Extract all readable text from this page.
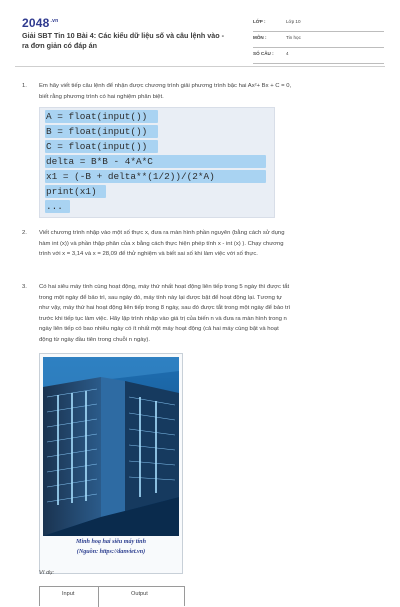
$2048^{.vn}$
Giải SBT Tin 10 Bài 4: Các kiểu dữ liệu số và câu lệnh vào -
ra đơn giản có đáp án
LỚP :	Lớp 10
MÔN :	Tin học
SỐ CÂU :	4
1. Em hãy viết tiếp câu lệnh để nhận được chương trình giải phương trình bậc hai Ax²+ Bx + C = 0,
biết rằng phương trình có hai nghiệm phân biệt.
A = float(input())
B = float(input())
C = float(input())
delta = B*B - 4*A*C
x1 = (-B + delta**(1/2))/(2*A)
print(x1)
...
2. Viết chương trình nhập vào một số thực x, đưa ra màn hình phần nguyên (bằng cách sử dụng
hàm int (x)) và phần thập phân của x bằng cách thực hiện phép tính x - int (x) ). Chạy chương
trình với x = 3,14 và x = 28,09 để thử nghiệm và biết sai số khi làm việc với số thực.
3. Có hai siêu máy tính cùng hoạt động, máy thứ nhất hoạt động liên tiếp trong 5 ngày thì được tắt
trong một ngày để bảo trì, sau ngày đó, máy tính này lại được bật để hoạt động lại. Tương tự
như vậy, máy thứ hai hoạt động liên tiếp trong 8 ngày, sau đó được tắt trong một ngày để bảo trì
trước khi tiếp tục làm việc. Hãy lập trình nhập vào giá trị của biến n và đưa ra màn hình trong n
ngày liên tiếp có bao nhiêu ngày có ít nhất một máy hoạt động (cả hai máy cùng bật và hoạt
động từ ngày đầu tiên trong chuỗi n ngày).
Minh hoạ hai siêu máy tính
(Nguồn: https://danviet.vn)
Ví dụ:
Input	Output
